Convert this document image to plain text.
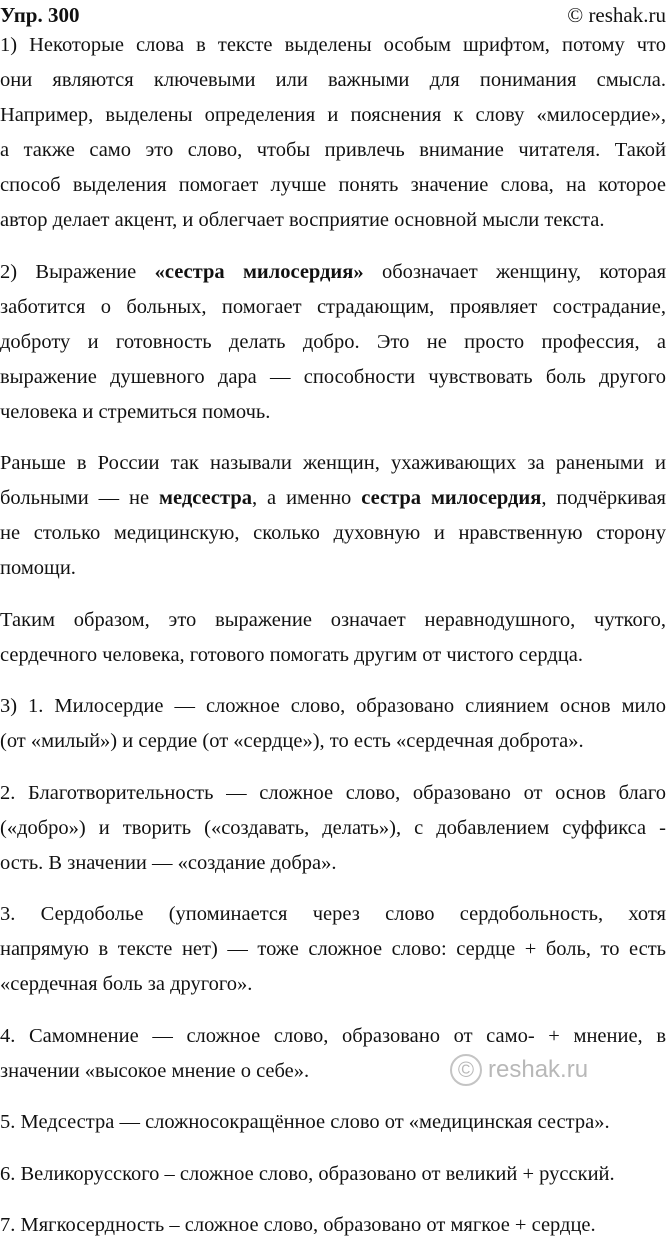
Упр. 300	© reshak.ru

1) Некоторые слова в тексте выделены особым шрифтом, потому что
они являются ключевыми или важными для понимания смысла.
Например, выделены определения и пояснения к слову «милосердие»,
а также само это слово, чтобы привлечь внимание читателя. Такой
способ выделения помогает лучше понять значение слова, на которое
автор делает акцент, и облегчает восприятие основной мысли текста.

2) Выражение «сестра милосердия» обозначает женщину, которая
заботится о больных, помогает страдающим, проявляет сострадание,
доброту и готовность делать добро. Это не просто профессия, а
выражение душевного дара — способности чувствовать боль другого
человека и стремиться помочь.

Раньше в России так называли женщин, ухаживающих за ранеными и
больными — не медсестра, а именно сестра милосердия, подчёркивая
не столько медицинскую, сколько духовную и нравственную сторону
помощи.

Таким образом, это выражение означает неравнодушного, чуткого,
сердечного человека, готового помогать другим от чистого сердца.

3) 1. Милосердие — сложное слово, образовано слиянием основ мило
(от «милый») и сердие (от «сердце»), то есть «сердечная доброта».

2. Благотворительность — сложное слово, образовано от основ благо
(«добро») и творить («создавать, делать»), с добавлением суффикса -
ость. В значении — «создание добра».

3. Сердоболье (упоминается через слово сердобольность, хотя
напрямую в тексте нет) — тоже сложное слово: сердце + боль, то есть
«сердечная боль за другого».

4. Самомнение — сложное слово, образовано от само- + мнение, в
значении «высокое мнение о себе».

5. Медсестра — сложносокращённое слово от «медицинская сестра».

6. Великорусского – сложное слово, образовано от великий + русский.

7. Мягкосердность – сложное слово, образовано от мягкое + сердце.

© reshak.ru
